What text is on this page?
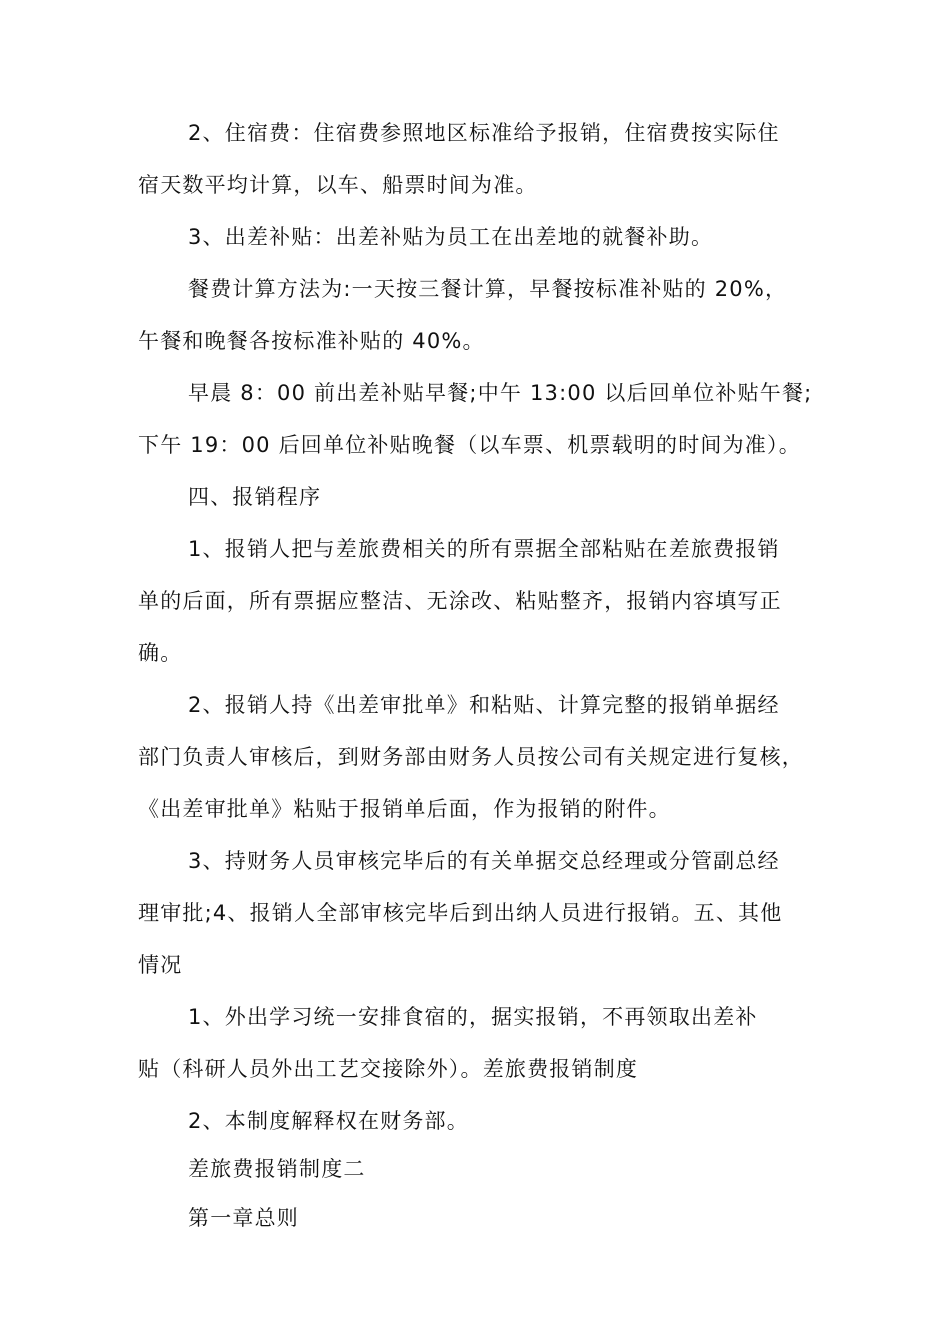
2、住宿费：住宿费参照地区标准给予报销，住宿费按实际住
宿天数平均计算，以车、船票时间为准。
3、出差补贴：出差补贴为员工在出差地的就餐补助。
餐费计算方法为:一天按三餐计算，早餐按标准补贴的 20%，
午餐和晚餐各按标准补贴的 40%。
早晨 8：00 前出差补贴早餐;中午 13:00 以后回单位补贴午餐;
下午 19：00 后回单位补贴晚餐（以车票、机票载明的时间为准）。
四、报销程序
1、报销人把与差旅费相关的所有票据全部粘贴在差旅费报销
单的后面，所有票据应整洁、无涂改、粘贴整齐，报销内容填写正
确。
2、报销人持《出差审批单》和粘贴、计算完整的报销单据经
部门负责人审核后，到财务部由财务人员按公司有关规定进行复核，
《出差审批单》粘贴于报销单后面，作为报销的附件。
3、持财务人员审核完毕后的有关单据交总经理或分管副总经
理审批;4、报销人全部审核完毕后到出纳人员进行报销。五、其他
情况
1、外出学习统一安排食宿的，据实报销，不再领取出差补
贴（科研人员外出工艺交接除外）。差旅费报销制度
2、本制度解释权在财务部。
差旅费报销制度二
第一章总则
